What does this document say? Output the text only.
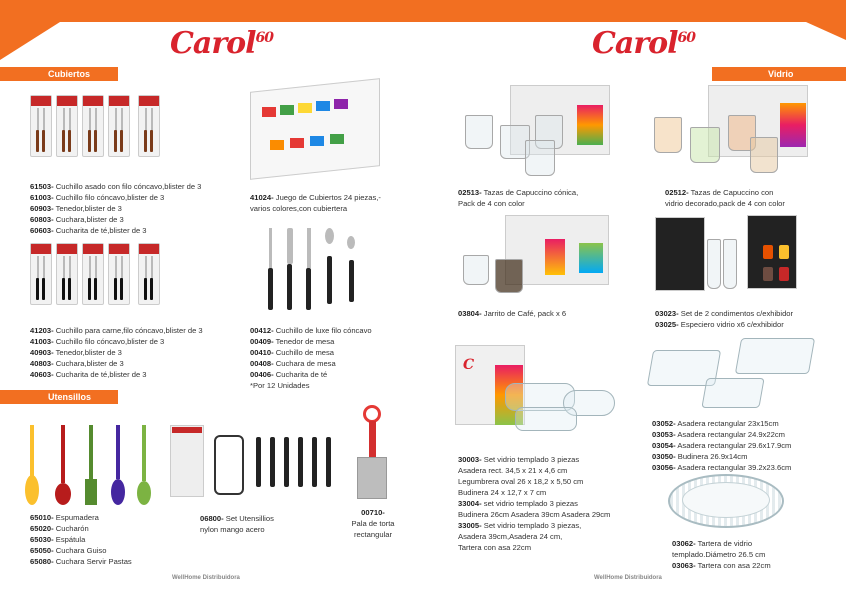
Carol$^{60}$	Carol$^{60}$
Cubiertos
Utensillos
Vidrio
61503- Cuchillo asado con filo cóncavo,blister de 3
61003- Cuchillo filo cóncavo,blister de 3
60903- Tenedor,blister de 3
60803- Cuchara,blister de 3
60603- Cucharita de té,blister de 3
41024- Juego de Cubiertos 24 piezas,-
varios colores,con cubiertera
41203- Cuchillo para carne,filo cóncavo,blister de 3
41003- Cuchillo filo cóncavo,blister de 3
40903- Tenedor,blister de 3
40803- Cuchara,blister de 3
40603- Cucharita de té,blister de 3
00412- Cuchillo de luxe filo cóncavo
00409- Tenedor de mesa
00410- Cuchillo de mesa
00408- Cuchara de mesa
00406- Cucharita de té
*Por 12 Unidades
65010- Espumadera
65020- Cucharón
65030- Espátula
65050- Cuchara Guiso
65080- Cuchara Servir Pastas
06800- Set Utensillios
nylon mango acero
00710-
Pala de torta
rectangular
WellHome Distribuidora
02513- Tazas de Capuccino cónica,
Pack de 4 con color
02512- Tazas de Capuccino con
vidrio decorado,pack de 4 con color
03804- Jarrito de Café, pack x 6	03023- Set de 2 condimentos c/exhibidor
03025- Especiero vidrio x6 c/exhibidor
03052- Asadera rectangular 23x15cm
03053- Asadera rectangular 24.9x22cm
03054- Asadera rectangular 29.6x17.9cm
03050- Budinera 26.9x14cm
03056- Asadera rectangular 39.2x23.6cm
C
30003- Set vidrio templado 3 piezas
Asadera rect. 34,5 x 21 x 4,6 cm
Legumbrera oval 26 x 18,2 x 5,50 cm
Budinera 24 x 12,7 x 7 cm
33004- set vidrio templado 3 piezas
Budinera 26cm Asadera 39cm Asadera 29cm
33005- Set vidrio templado 3 piezas,
Asadera 39cm,Asadera 24 cm,
Tartera con asa 22cm	03062- Tartera de vidrio
templado.Diámetro 26.5 cm
03063- Tartera con asa 22cm
WellHome Distribuidora
